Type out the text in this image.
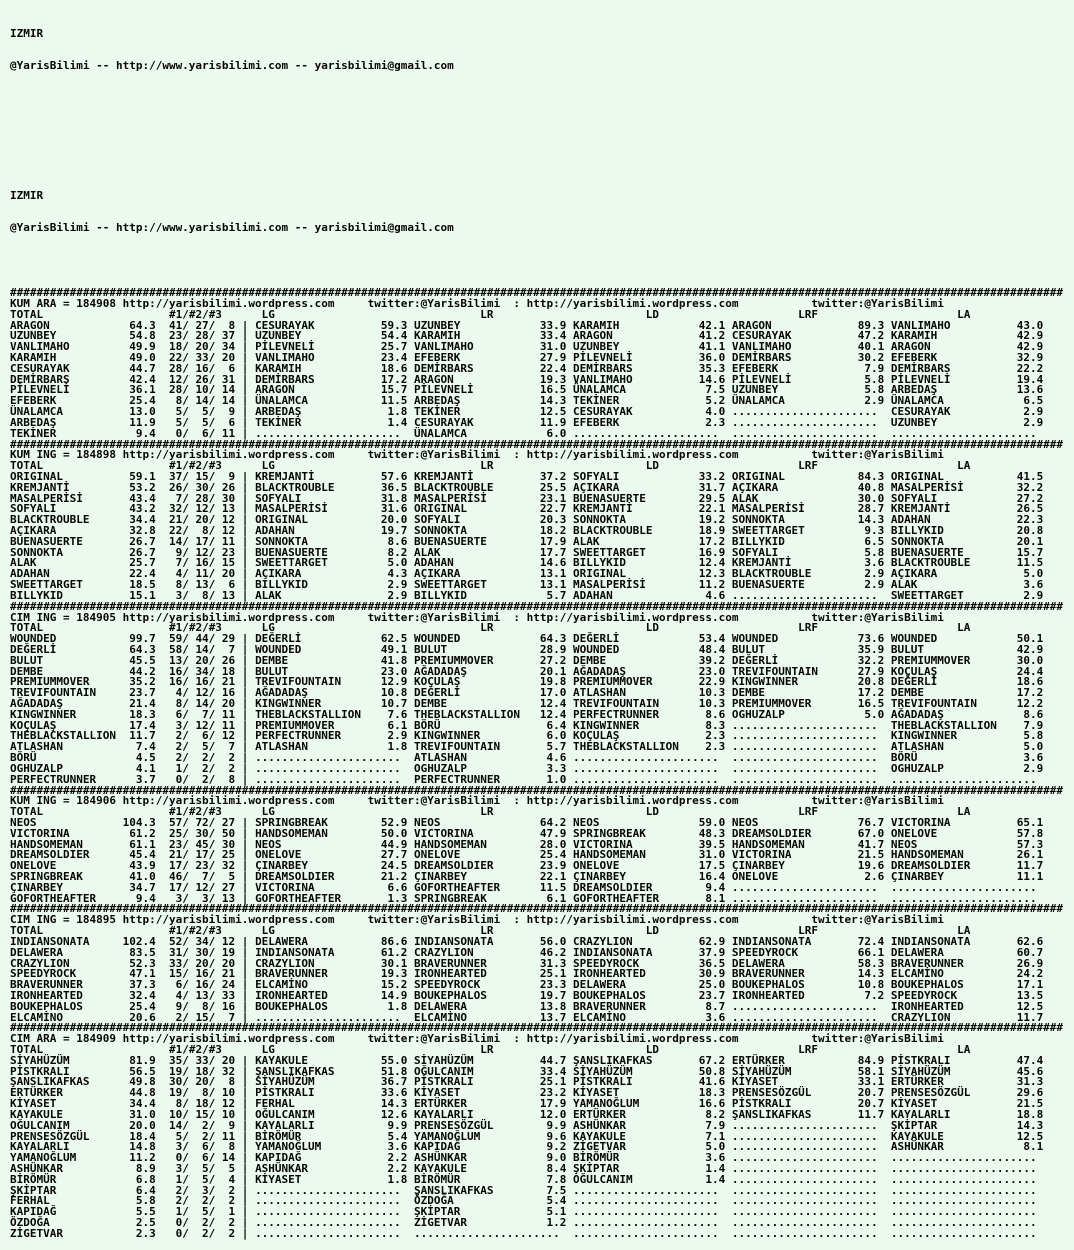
IZMIR

@YarisBilimi -- http://www.yarisbilimi.com -- yarisbilimi@gmail.com

IZMIR

@YarisBilimi -- http://www.yarisbilimi.com -- yarisbilimi@gmail.com

###############################################################################################################################################################
KUM ARA = 184908 http://yarisbilimi.wordpress.com     twitter:@YarisBilimi  : http://yarisbilimi.wordpress.com           twitter:@YarisBilimi
TOTAL                   #1/#2/#3      LG                               LR                       LD                     LRF                     LA
ARAGON            64.3  41/ 27/  8 | CESURAYAK          59.3 UZUNBEY            33.9 KARAMIH            42.1 ARAGON             89.3 VANLIMAHO          43.0
UZUNBEY           54.8  23/ 28/ 37 | UZUNBEY            54.4 KARAMIH            33.4 ARAGON             41.2 CESURAYAK          47.2 KARAMIH            42.9
VANLIMAHO         49.9  18/ 20/ 34 | PİLEVNELİ          25.7 VANLIMAHO          31.0 UZUNBEY            41.1 VANLIMAHO          40.1 ARAGON             42.9
KARAMIH           49.0  22/ 33/ 20 | VANLIMAHO          23.4 EFEBERK            27.9 PİLEVNELİ          36.0 DEMİRBARS          30.2 EFEBERK            32.9
CESURAYAK         44.7  28/ 16/  6 | KARAMIH            18.6 DEMİRBARS          22.4 DEMİRBARS          35.3 EFEBERK             7.9 DEMİRBARS          22.2
DEMİRBARS         42.4  12/ 26/ 31 | DEMİRBARS          17.2 ARAGON             19.3 VANLIMAHO          14.6 PİLEVNELİ           5.8 PİLEVNELİ          19.4
PİLEVNELİ         36.1  28/ 10/ 14 | ARAGON             15.7 PİLEVNELİ          16.5 ÜNALAMCA            7.5 UZUNBEY             5.8 ARBEDAŞ            13.6
EFEBERK           25.4   8/ 14/ 14 | ÜNALAMCA           11.5 ARBEDAŞ            14.3 TEKİNER             5.2 ÜNALAMCA            2.9 ÜNALAMCA            6.5
ÜNALAMCA          13.0   5/  5/  9 | ARBEDAŞ             1.8 TEKİNER            12.5 CESURAYAK           4.0 ......................  CESURAYAK           2.9
ARBEDAŞ           11.9   5/  5/  6 | TEKİNER             1.4 CESURAYAK          11.9 EFEBERK             2.3 ......................  UZUNBEY             2.9
TEKİNER            9.4   0/  6/ 11 | ......................  ÜNALAMCA            6.0 ......................  ......................  ......................
###############################################################################################################################################################
KUM ING = 184898 http://yarisbilimi.wordpress.com     twitter:@YarisBilimi  : http://yarisbilimi.wordpress.com           twitter:@YarisBilimi
TOTAL                   #1/#2/#3      LG                               LR                       LD                     LRF                     LA
ORIGINAL          59.1  37/ 15/  9 | KREMJANTİ          57.6 KREMJANTİ          37.2 SOFYALI            33.2 ORIGINAL           84.3 ORIGINAL           41.5
KREMJANTİ         53.2  26/ 30/ 26 | BLACKTROUBLE       36.5 BLACKTROUBLE       25.5 AÇIKARA            31.7 AÇIKARA            40.8 MASALPERİSİ        32.2
MASALPERİSİ       43.4   7/ 28/ 30 | SOFYALI            31.8 MASALPERİSİ        23.1 BUENASUERTE        29.5 ALAK               30.0 SOFYALI            27.2
SOFYALI           43.2  32/ 12/ 13 | MASALPERİSİ        31.6 ORIGINAL           22.7 KREMJANTİ          22.1 MASALPERİSİ        28.7 KREMJANTİ          26.5
BLACKTROUBLE      34.4  21/ 20/ 12 | ORIGINAL           20.0 SOFYALI            20.3 SONNOKTA           19.2 SONNOKTA           14.3 ADAHAN             22.3
AÇIKARA           32.8  22/  8/ 12 | ADAHAN             19.7 SONNOKTA           18.2 BLACKTROUBLE       18.9 SWEETTARGET         9.3 BILLYKID           20.8
BUENASUERTE       26.7  14/ 17/ 11 | SONNOKTA            8.6 BUENASUERTE        17.9 ALAK               17.2 BILLYKID            6.5 SONNOKTA           20.1
SONNOKTA          26.7   9/ 12/ 23 | BUENASUERTE         8.2 ALAK               17.7 SWEETTARGET        16.9 SOFYALI             5.8 BUENASUERTE        15.7
ALAK              25.7   7/ 16/ 15 | SWEETTARGET         5.0 ADAHAN             14.6 BILLYKID           12.4 KREMJANTİ           3.6 BLACKTROUBLE       11.5
ADAHAN            22.4   4/ 11/ 20 | AÇIKARA             4.3 AÇIKARA            13.1 ORIGINAL           12.3 BLACKTROUBLE        2.9 AÇIKARA             5.0
SWEETTARGET       18.5   8/ 13/  6 | BILLYKID            2.9 SWEETTARGET        13.1 MASALPERİSİ        11.2 BUENASUERTE         2.9 ALAK                3.6
BILLYKID          15.1   3/  8/ 13 | ALAK                2.9 BILLYKID            5.7 ADAHAN              4.6 ......................  SWEETTARGET         2.9
###############################################################################################################################################################
CIM ING = 184905 http://yarisbilimi.wordpress.com     twitter:@YarisBilimi  : http://yarisbilimi.wordpress.com           twitter:@YarisBilimi
TOTAL                   #1/#2/#3      LG                               LR                       LD                     LRF                     LA
WOUNDED           99.7  59/ 44/ 29 | DEĞERLİ            62.5 WOUNDED            64.3 DEĞERLİ            53.4 WOUNDED            73.6 WOUNDED            50.1
DEĞERLİ           64.3  58/ 14/  7 | WOUNDED            49.1 BULUT              28.9 WOUNDED            48.4 BULUT              35.9 BULUT              42.9
BULUT             45.5  13/ 20/ 26 | DEMBE              41.8 PREMIUMMOVER       27.2 DEMBE              39.2 DEĞERLİ            32.2 PREMIUMMOVER       30.0
DEMBE             44.2  16/ 34/ 18 | BULUT              23.0 AĞADADAŞ           20.1 AĞADADAŞ           23.0 TREVIFOUNTAIN      27.9 KOÇULAŞ            24.4
PREMIUMMOVER      35.2  16/ 16/ 21 | TREVIFOUNTAIN      12.9 KOÇULAŞ            19.8 PREMIUMMOVER       22.9 KINGWINNER         20.8 DEĞERLİ            18.6
TREVIFOUNTAIN     23.7   4/ 12/ 16 | AĞADADAŞ           10.8 DEĞERLİ            17.0 ATLASHAN           10.3 DEMBE              17.2 DEMBE              17.2
AĞADADAŞ          21.4   8/ 14/ 20 | KINGWINNER         10.7 DEMBE              12.4 TREVIFOUNTAIN      10.3 PREMIUMMOVER       16.5 TREVIFOUNTAIN      12.2
KINGWINNER        18.3   6/  7/ 11 | THEBLACKSTALLION    7.6 THEBLACKSTALLION   12.4 PERFECTRUNNER       8.6 OGHUZALP            5.0 AĞADADAŞ            8.6
KOÇULAŞ           17.4   3/ 12/ 11 | PREMIUMMOVER        6.1 BÖRÜ                6.4 KINGWINNER          8.3 ......................  THEBLACKSTALLION    7.9
THEBLACKSTALLION  11.7   2/  6/ 12 | PERFECTRUNNER       2.9 KINGWINNER          6.0 KOÇULAŞ             2.3 ......................  KINGWINNER          5.8
ATLASHAN           7.4   2/  5/  7 | ATLASHAN            1.8 TREVIFOUNTAIN       5.7 THEBLACKSTALLION    2.3 ......................  ATLASHAN            5.0
BÖRÜ               4.5   2/  2/  2 | ......................  ATLASHAN            4.6 ......................  ......................  BÖRÜ                3.6
OGHUZALP           4.1   1/  2/  2 | ......................  OGHUZALP            3.3 ......................  ......................  OGHUZALP            2.9
PERFECTRUNNER      3.7   0/  2/  8 | ......................  PERFECTRUNNER       1.0 ......................  ......................  ......................
###############################################################################################################################################################
KUM ING = 184906 http://yarisbilimi.wordpress.com     twitter:@YarisBilimi  : http://yarisbilimi.wordpress.com           twitter:@YarisBilimi
TOTAL                   #1/#2/#3      LG                               LR                       LD                     LRF                     LA
NEOS             104.3  57/ 72/ 27 | SPRINGBREAK        52.9 NEOS               64.2 NEOS               59.0 NEOS               76.7 VICTORINA          65.1
VICTORINA         61.2  25/ 30/ 50 | HANDSOMEMAN        50.0 VICTORINA          47.9 SPRINGBREAK        48.3 DREAMSOLDIER       67.0 ONELOVE            57.8
HANDSOMEMAN       61.1  23/ 45/ 30 | NEOS               44.9 HANDSOMEMAN        28.0 VICTORINA          39.5 HANDSOMEMAN        41.7 NEOS               57.3
DREAMSOLDIER      45.4  21/ 17/ 25 | ONELOVE            27.7 ONELOVE            25.4 HANDSOMEMAN        31.0 VICTORINA          21.5 HANDSOMEMAN        26.1
ONELOVE           43.9  17/ 23/ 32 | ÇINARBEY           24.5 DREAMSOLDIER       23.9 ONELOVE            17.5 ÇINARBEY           19.6 DREAMSOLDIER       11.7
SPRINGBREAK       41.0  46/  7/  5 | DREAMSOLDIER       21.2 ÇINARBEY           22.1 ÇINARBEY           16.4 ONELOVE             2.6 ÇINARBEY           11.1
ÇINARBEY          34.7  17/ 12/ 27 | VICTORINA           6.6 GOFORTHEAFTER      11.5 DREAMSOLDIER        9.4 ......................  ......................
GOFORTHEAFTER      9.4   3/  3/ 13 | GOFORTHEAFTER       1.3 SPRINGBREAK         6.1 GOFORTHEAFTER       8.1 ......................  ......................
###############################################################################################################################################################
CIM ING = 184895 http://yarisbilimi.wordpress.com     twitter:@YarisBilimi  : http://yarisbilimi.wordpress.com           twitter:@YarisBilimi
TOTAL                   #1/#2/#3      LG                               LR                       LD                     LRF                     LA
INDIANSONATA     102.4  52/ 34/ 12 | DELAWERA           86.6 INDIANSONATA       56.0 CRAZYLION          62.9 INDIANSONATA       72.4 INDIANSONATA       62.6
DELAWERA          83.5  31/ 30/ 19 | INDIANSONATA       61.2 CRAZYLION          46.2 INDIANSONATA       37.9 SPEEDYROCK         66.1 DELAWERA           60.7
CRAZYLION         52.3  33/ 20/ 20 | CRAZYLION          30.1 BRAVERUNNER        31.3 SPEEDYROCK         36.5 DELAWERA           58.3 BRAVERUNNER        26.9
SPEEDYROCK        47.1  15/ 16/ 21 | BRAVERUNNER        19.3 IRONHEARTED        25.1 IRONHEARTED        30.9 BRAVERUNNER        14.3 ELCAMİNO           24.2
BRAVERUNNER       37.3   6/ 16/ 24 | ELCAMİNO           15.2 SPEEDYROCK         23.3 DELAWERA           25.0 BOUKEPHALOS        10.8 BOUKEPHALOS        17.1
IRONHEARTED       32.4   4/ 13/ 33 | IRONHEARTED        14.9 BOUKEPHALOS        19.7 BOUKEPHALOS        23.7 IRONHEARTED         7.2 SPEEDYROCK         13.5
BOUKEPHALOS       25.4   9/  8/ 16 | BOUKEPHALOS         1.8 DELAWERA           13.8 BRAVERUNNER         8.7 ......................  IRONHEARTED        12.5
ELCAMİNO          20.6   2/ 15/  7 | ......................  ELCAMİNO           13.7 ELCAMİNO            3.6 ......................  CRAZYLION          11.7
###############################################################################################################################################################
CIM ARA = 184909 http://yarisbilimi.wordpress.com     twitter:@YarisBilimi  : http://yarisbilimi.wordpress.com           twitter:@YarisBilimi
TOTAL                   #1/#2/#3      LG                               LR                       LD                     LRF                     LA
SİYAHÜZÜM         81.9  35/ 33/ 20 | KAYAKULE           55.0 SİYAHÜZÜM          44.7 ŞANSLIKAFKAS       67.2 ERTÜRKER           84.9 PİSTKRALI          47.4
PİSTKRALI         56.5  19/ 18/ 32 | ŞANSLIKAFKAS       51.8 OĞULCANIM          33.4 SİYAHÜZÜM          50.8 SİYAHÜZÜM          58.1 SİYAHÜZÜM          45.6
ŞANSLIKAFKAS      49.8  30/ 20/  8 | SİYAHÜZÜM          36.7 PİSTKRALI          25.1 PİSTKRALI          41.6 KİYASET            33.1 ERTÜRKER           31.3
ERTÜRKER          44.8  19/  8/ 10 | PİSTKRALI          33.6 KİYASET            23.2 KİYASET            18.3 PRENSESÖZGÜL       20.7 PRENSESÖZGÜL       29.6
KİYASET           34.4   8/ 18/ 12 | FERHAL             14.3 ERTÜRKER           17.9 YAMANOĞLUM         16.6 PİSTKRALI          20.7 KİYASET            21.5
KAYAKULE          31.0  10/ 15/ 10 | OĞULCANIM          12.6 KAYALARLI          12.0 ERTÜRKER            8.2 ŞANSLIKAFKAS       11.7 KAYALARLI          18.8
OĞULCANIM         20.0  14/  2/  9 | KAYALARLI           9.9 PRENSESÖZGÜL        9.9 ASHÜNKAR            7.9 ......................  ŞKİPTAR            14.3
PRENSESÖZGÜL      18.4   5/  2/ 11 | BİRÖMÜR             5.4 YAMANOĞLUM          9.6 KAYAKULE            7.1 ......................  KAYAKULE           12.5
KAYALARLI         14.8   3/  6/  8 | YAMANOĞLUM          3.6 KAPIDAĞ             9.2 ZİGETVAR            5.0 ......................  ASHÜNKAR            8.1
YAMANOĞLUM        11.2   0/  6/ 14 | KAPIDAĞ             2.2 ASHÜNKAR            9.0 BİRÖMÜR             3.6 ......................  ......................
ASHÜNKAR           8.9   3/  5/  5 | ASHÜNKAR            2.2 KAYAKULE            8.4 ŞKİPTAR             1.4 ......................  ......................
BİRÖMÜR            6.8   1/  5/  4 | KİYASET             1.8 BİRÖMÜR             7.8 OĞULCANIM           1.4 ......................  ......................
ŞKİPTAR            6.4   2/  3/  2 | ......................  ŞANSLIKAFKAS        7.5 ......................  ......................  ......................
FERHAL             5.8   2/  2/  2 | ......................  ÖZDOĞA              5.4 ......................  ......................  ......................
KAPIDAĞ            5.5   1/  5/  1 | ......................  ŞKİPTAR             5.1 ......................  ......................  ......................
ÖZDOĞA             2.5   0/  2/  2 | ......................  ZİGETVAR            1.2 ......................  ......................  ......................
ZİGETVAR           2.3   0/  2/  2 | ......................  ......................  ......................  ......................  ......................
